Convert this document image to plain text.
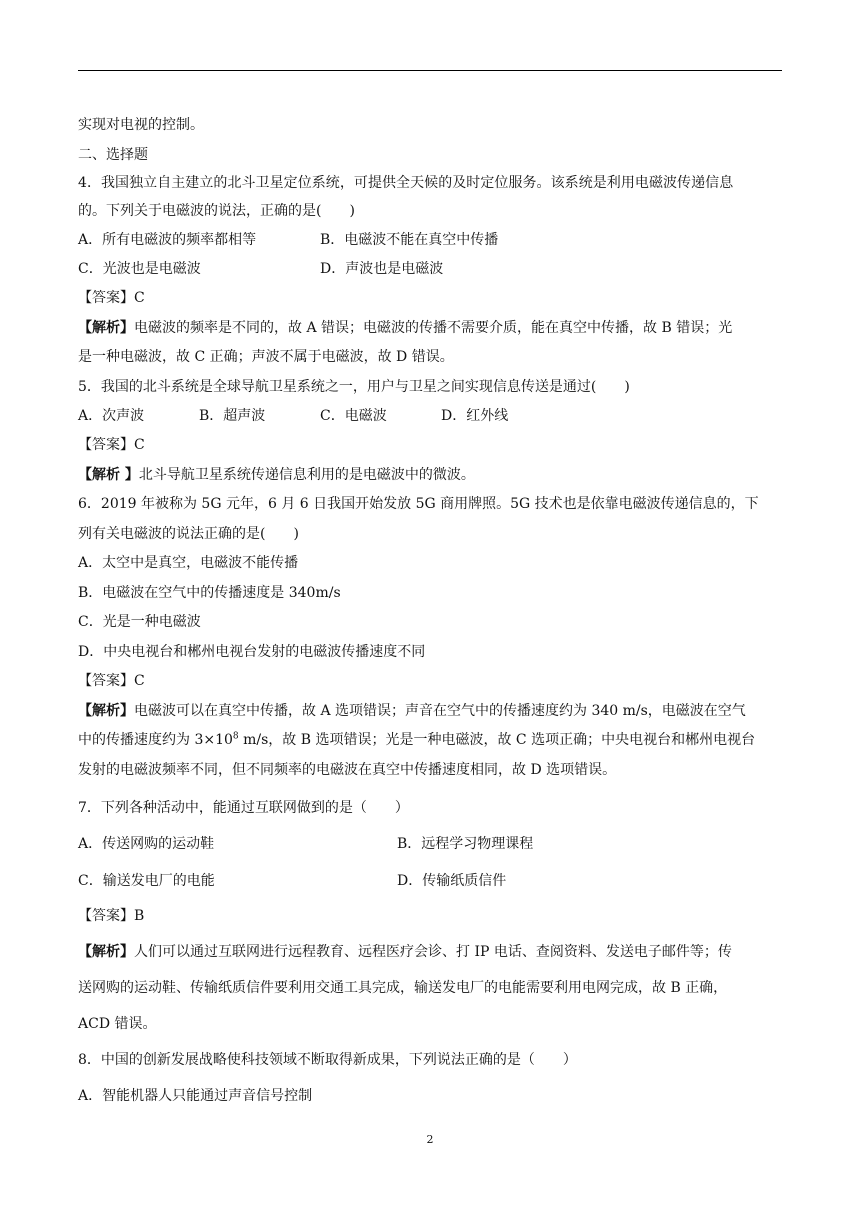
实现对电视的控制。
二、选择题
4．我国独立自主建立的北斗卫星定位系统，可提供全天候的及时定位服务。该系统是利用电磁波传递信息
的。下列关于电磁波的说法，正确的是(　　)
A．所有电磁波的频率都相等	B．电磁波不能在真空中传播
C．光波也是电磁波	D．声波也是电磁波
【答案】C
【解析】电磁波的频率是不同的，故 A 错误；电磁波的传播不需要介质，能在真空中传播，故 B 错误；光
是一种电磁波，故 C 正确；声波不属于电磁波，故 D 错误。
5．我国的北斗系统是全球导航卫星系统之一，用户与卫星之间实现信息传送是通过(　　)
A．次声波	B．超声波	C．电磁波	D．红外线
【答案】C
【解析 】北斗导航卫星系统传递信息利用的是电磁波中的微波。
6．2019 年被称为 5G 元年，6 月 6 日我国开始发放 5G 商用牌照。5G 技术也是依靠电磁波传递信息的，下
列有关电磁波的说法正确的是(　　)
A．太空中是真空，电磁波不能传播
B．电磁波在空气中的传播速度是 340m/s
C．光是一种电磁波
D．中央电视台和郴州电视台发射的电磁波传播速度不同
【答案】C
【解析】电磁波可以在真空中传播，故 A 选项错误；声音在空气中的传播速度约为 340 m/s，电磁波在空气
中的传播速度约为 $3\times 10^8$ m/s，故 B 选项错误；光是一种电磁波，故 C 选项正确；中央电视台和郴州电视台
发射的电磁波频率不同，但不同频率的电磁波在真空中传播速度相同，故 D 选项错误。
7．下列各种活动中，能通过互联网做到的是（　　）
A．传送网购的运动鞋	B．远程学习物理课程
C．输送发电厂的电能	D．传输纸质信件
【答案】B
【解析】人们可以通过互联网进行远程教育、远程医疗会诊、打 IP 电话、查阅资料、发送电子邮件等；传
送网购的运动鞋、传输纸质信件要利用交通工具完成，输送发电厂的电能需要利用电网完成，故 B 正确，
ACD 错误。
8．中国的创新发展战略使科技领域不断取得新成果，下列说法正确的是（　　）
A．智能机器人只能通过声音信号控制
2
